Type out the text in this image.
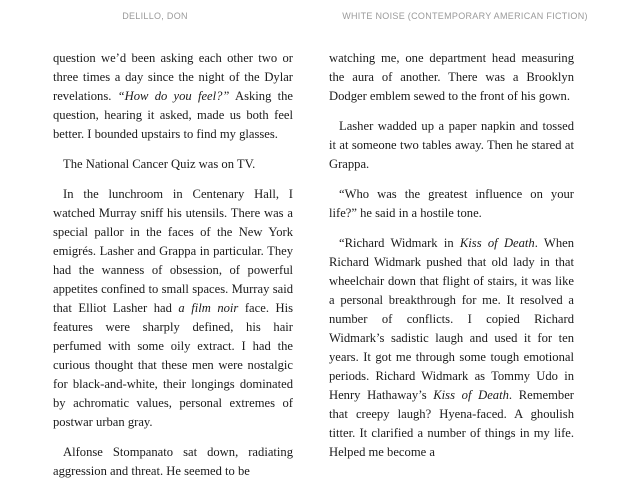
DELILLO, DON

question we’d been asking each other two or three times a day since the night of the Dylar revelations. “How do you feel?” Asking the question, hearing it asked, made us both feel better. I bounded upstairs to find my glasses.

The National Cancer Quiz was on TV.

In the lunchroom in Centenary Hall, I watched Murray sniff his utensils. There was a special pallor in the faces of the New York emigrés. Lasher and Grappa in particular. They had the wanness of obsession, of powerful appetites confined to small spaces. Murray said that Elliot Lasher had a film noir face. His features were sharply defined, his hair perfumed with some oily extract. I had the curious thought that these men were nostalgic for black-and-white, their longings dominated by achromatic values, personal extremes of postwar urban gray.

Alfonse Stompanato sat down, radiating aggression and threat. He seemed to be

WHITE NOISE (CONTEMPORARY AMERICAN FICTION)

watching me, one department head measuring the aura of another. There was a Brooklyn Dodger emblem sewed to the front of his gown.

Lasher wadded up a paper napkin and tossed it at someone two tables away. Then he stared at Grappa.

“Who was the greatest influence on your life?” he said in a hostile tone.

“Richard Widmark in Kiss of Death. When Richard Widmark pushed that old lady in that wheelchair down that flight of stairs, it was like a personal breakthrough for me. It resolved a number of conflicts. I copied Richard Widmark’s sadistic laugh and used it for ten years. It got me through some tough emotional periods. Richard Widmark as Tommy Udo in Henry Hathaway’s Kiss of Death. Remember that creepy laugh? Hyena-faced. A ghoulish titter. It clarified a number of things in my life. Helped me become a
